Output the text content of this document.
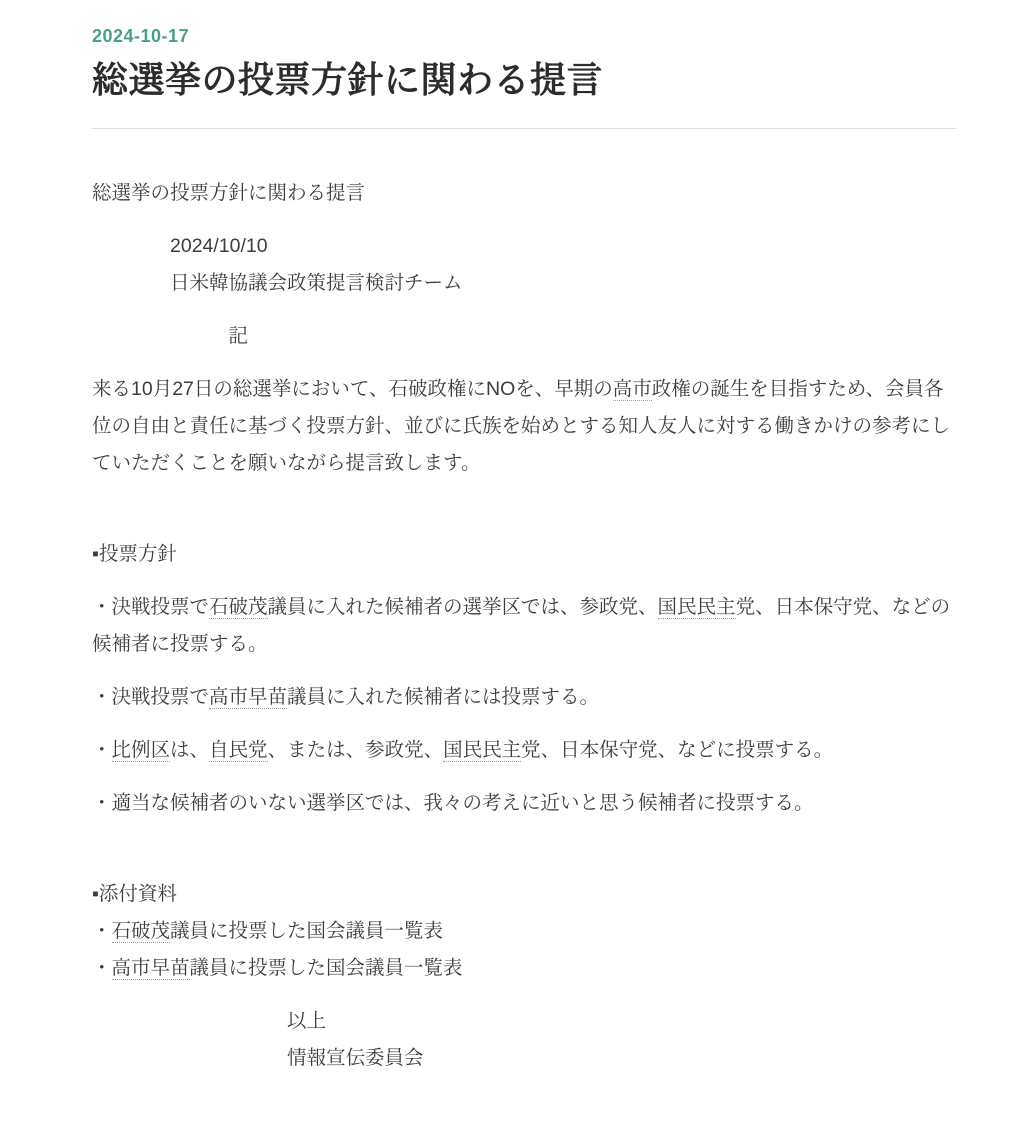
2024-10-17
総選挙の投票方針に関わる提言

総選挙の投票方針に関わる提言

　　　　2024/10/10
　　　　日米韓協議会政策提言検討チーム

　　　　　　　記

来る10月27日の総選挙において、石破政権にNOを、早期の高市政権の誕生を目指すため、会員各位の自由と責任に基づく投票方針、並びに氏族を始めとする知人友人に対する働きかけの参考にしていただくことを願いながら提言致します。

▪投票方針

・決戦投票で石破茂議員に入れた候補者の選挙区では、参政党、国民民主党、日本保守党、などの候補者に投票する。

・決戦投票で高市早苗議員に入れた候補者には投票する。

・比例区は、自民党、または、参政党、国民民主党、日本保守党、などに投票する。

・適当な候補者のいない選挙区では、我々の考えに近いと思う候補者に投票する。

▪添付資料
・石破茂議員に投票した国会議員一覧表
・高市早苗議員に投票した国会議員一覧表

　　　　　　　　　　以上
　　　　　　　　　　情報宣伝委員会
